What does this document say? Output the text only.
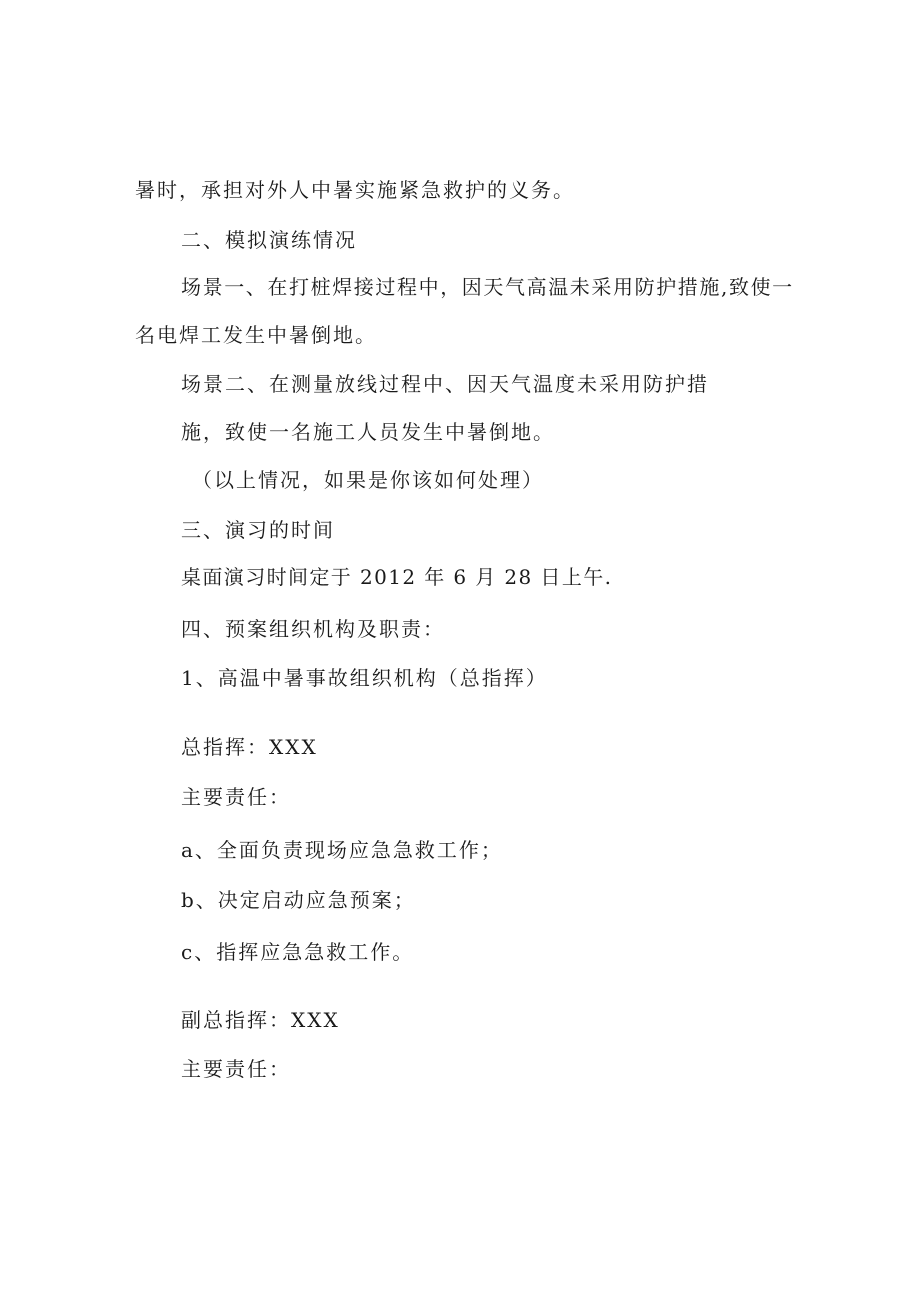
暑时，承担对外人中暑实施紧急救护的义务。
二、模拟演练情况
场景一、在打桩焊接过程中，因天气高温未采用防护措施,致使一
名电焊工发生中暑倒地。
场景二、在测量放线过程中、因天气温度未采用防护措
施，致使一名施工人员发生中暑倒地。
（以上情况，如果是你该如何处理）
三、演习的时间
桌面演习时间定于 2012 年 6 月 28 日上午.
四、预案组织机构及职责：
1、高温中暑事故组织机构（总指挥）
总指挥：XXX
主要责任：
a、全面负责现场应急急救工作；
b、决定启动应急预案；
c、指挥应急急救工作。
副总指挥：XXX
主要责任：
